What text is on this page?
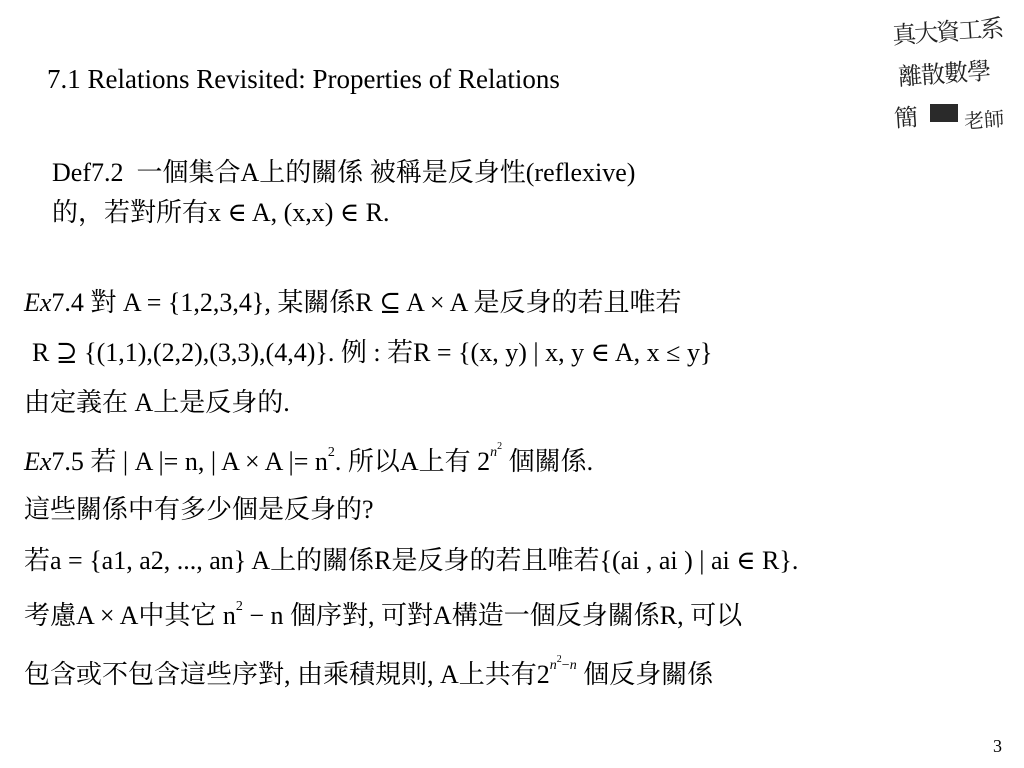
7.1 Relations Revisited: Properties of Relations
真大資工系
離散數學
簡 老師
Def7.2 一個集合A上的關係 被稱是反身性(reflexive)
的，若對所有x ∈ A, (x,x) ∈ R.
Ex7.4 對 A = {1,2,3,4}, 某關係R ⊆ A × A 是反身的若且唯若
R ⊇ {(1,1),(2,2),(3,3),(4,4)}. 例 : 若R = {(x, y) | x, y ∈ A, x ≤ y}
由定義在 A上是反身的.
Ex7.5 若 | A |= n, | A × A |= $n^2$. 所以A上有 $2^{n^2}$ 個關係.
這些關係中有多少個是反身的?
若a = {a1, a2, ..., an} A上的關係R是反身的若且唯若{(ai , ai ) | ai ∈ R}.
考慮A × A中其它 $n^2 - n$ 個序對, 可對A構造一個反身關係R, 可以
包含或不包含這些序對, 由乘積規則, A上共有$2^{n^2-n}$ 個反身關係
3
